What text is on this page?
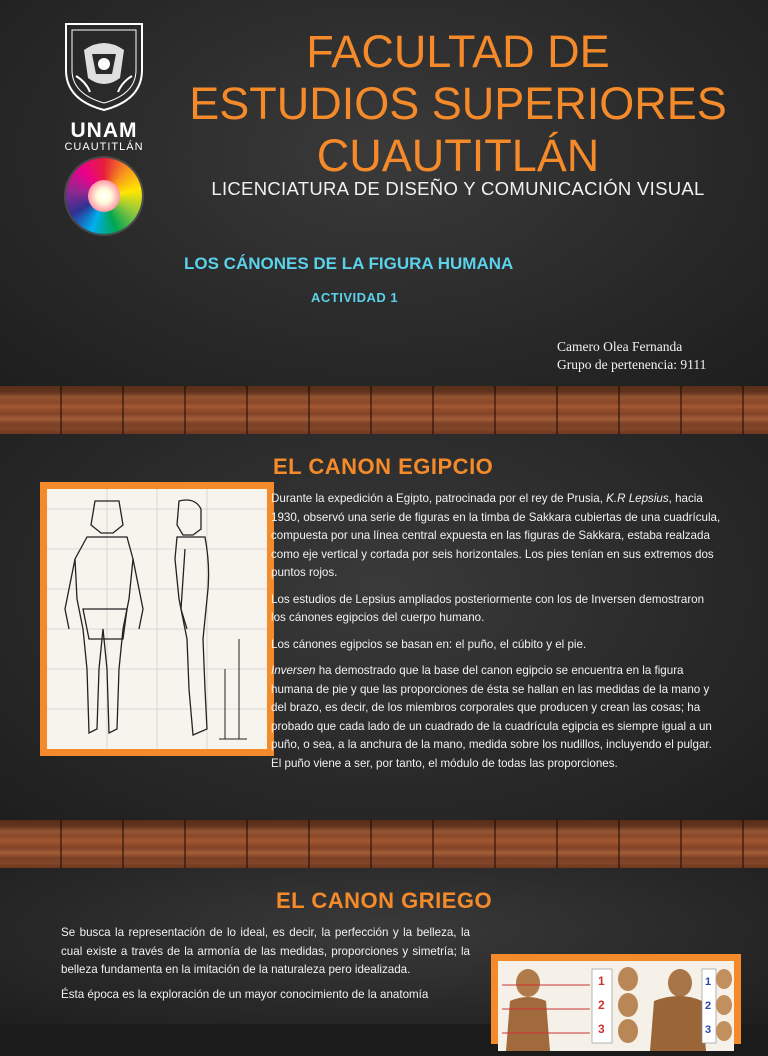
UNAM
CUAUTITLÁN
FACULTAD DE
ESTUDIOS SUPERIORES
CUAUTITLÁN
LICENCIATURA DE DISEÑO Y COMUNICACIÓN VISUAL
LOS CÁNONES DE LA FIGURA HUMANA
ACTIVIDAD 1
Camero Olea Fernanda
Grupo de pertenencia: 9111
EL CANON EGIPCIO

Durante la expedición a Egipto, patrocinada por el rey de Prusia, K.R Lepsius, hacia 1930, observó una serie de figuras en la timba de Sakkara cubiertas de una cuadrícula, compuesta por una línea central expuesta en las figuras de Sakkara, estaba realzada como eje vertical y cortada por seis horizontales. Los pies tenían en sus extremos dos puntos rojos.

Los estudios de Lepsius ampliados posteriormente con los de Inversen demostraron los cánones egipcios del cuerpo humano.

Los cánones egipcios se basan en: el puño, el cúbito y el pie.

Inversen ha demostrado que la base del canon egipcio se encuentra en la figura humana de pie y que las proporciones de ésta se hallan en las medidas de la mano y del brazo, es decir, de los miembros corporales que producen y crean las cosas; ha probado que cada lado de un cuadrado de la cuadrícula egipcia es siempre igual a un puño, o sea, a la anchura de la mano, medida sobre los nudillos, incluyendo el pulgar. El puño viene a ser, por tanto, el módulo de todas las proporciones.

EL CANON GRIEGO

Se busca la representación de lo ideal, es decir, la perfección y la belleza, la cual existe a través de la armonía de las medidas, proporciones y simetría; la belleza fundamenta en la imitación de la naturaleza pero idealizada.

Ésta época es la exploración de un mayor conocimiento de la anatomía

1
2
3
1
2
3
